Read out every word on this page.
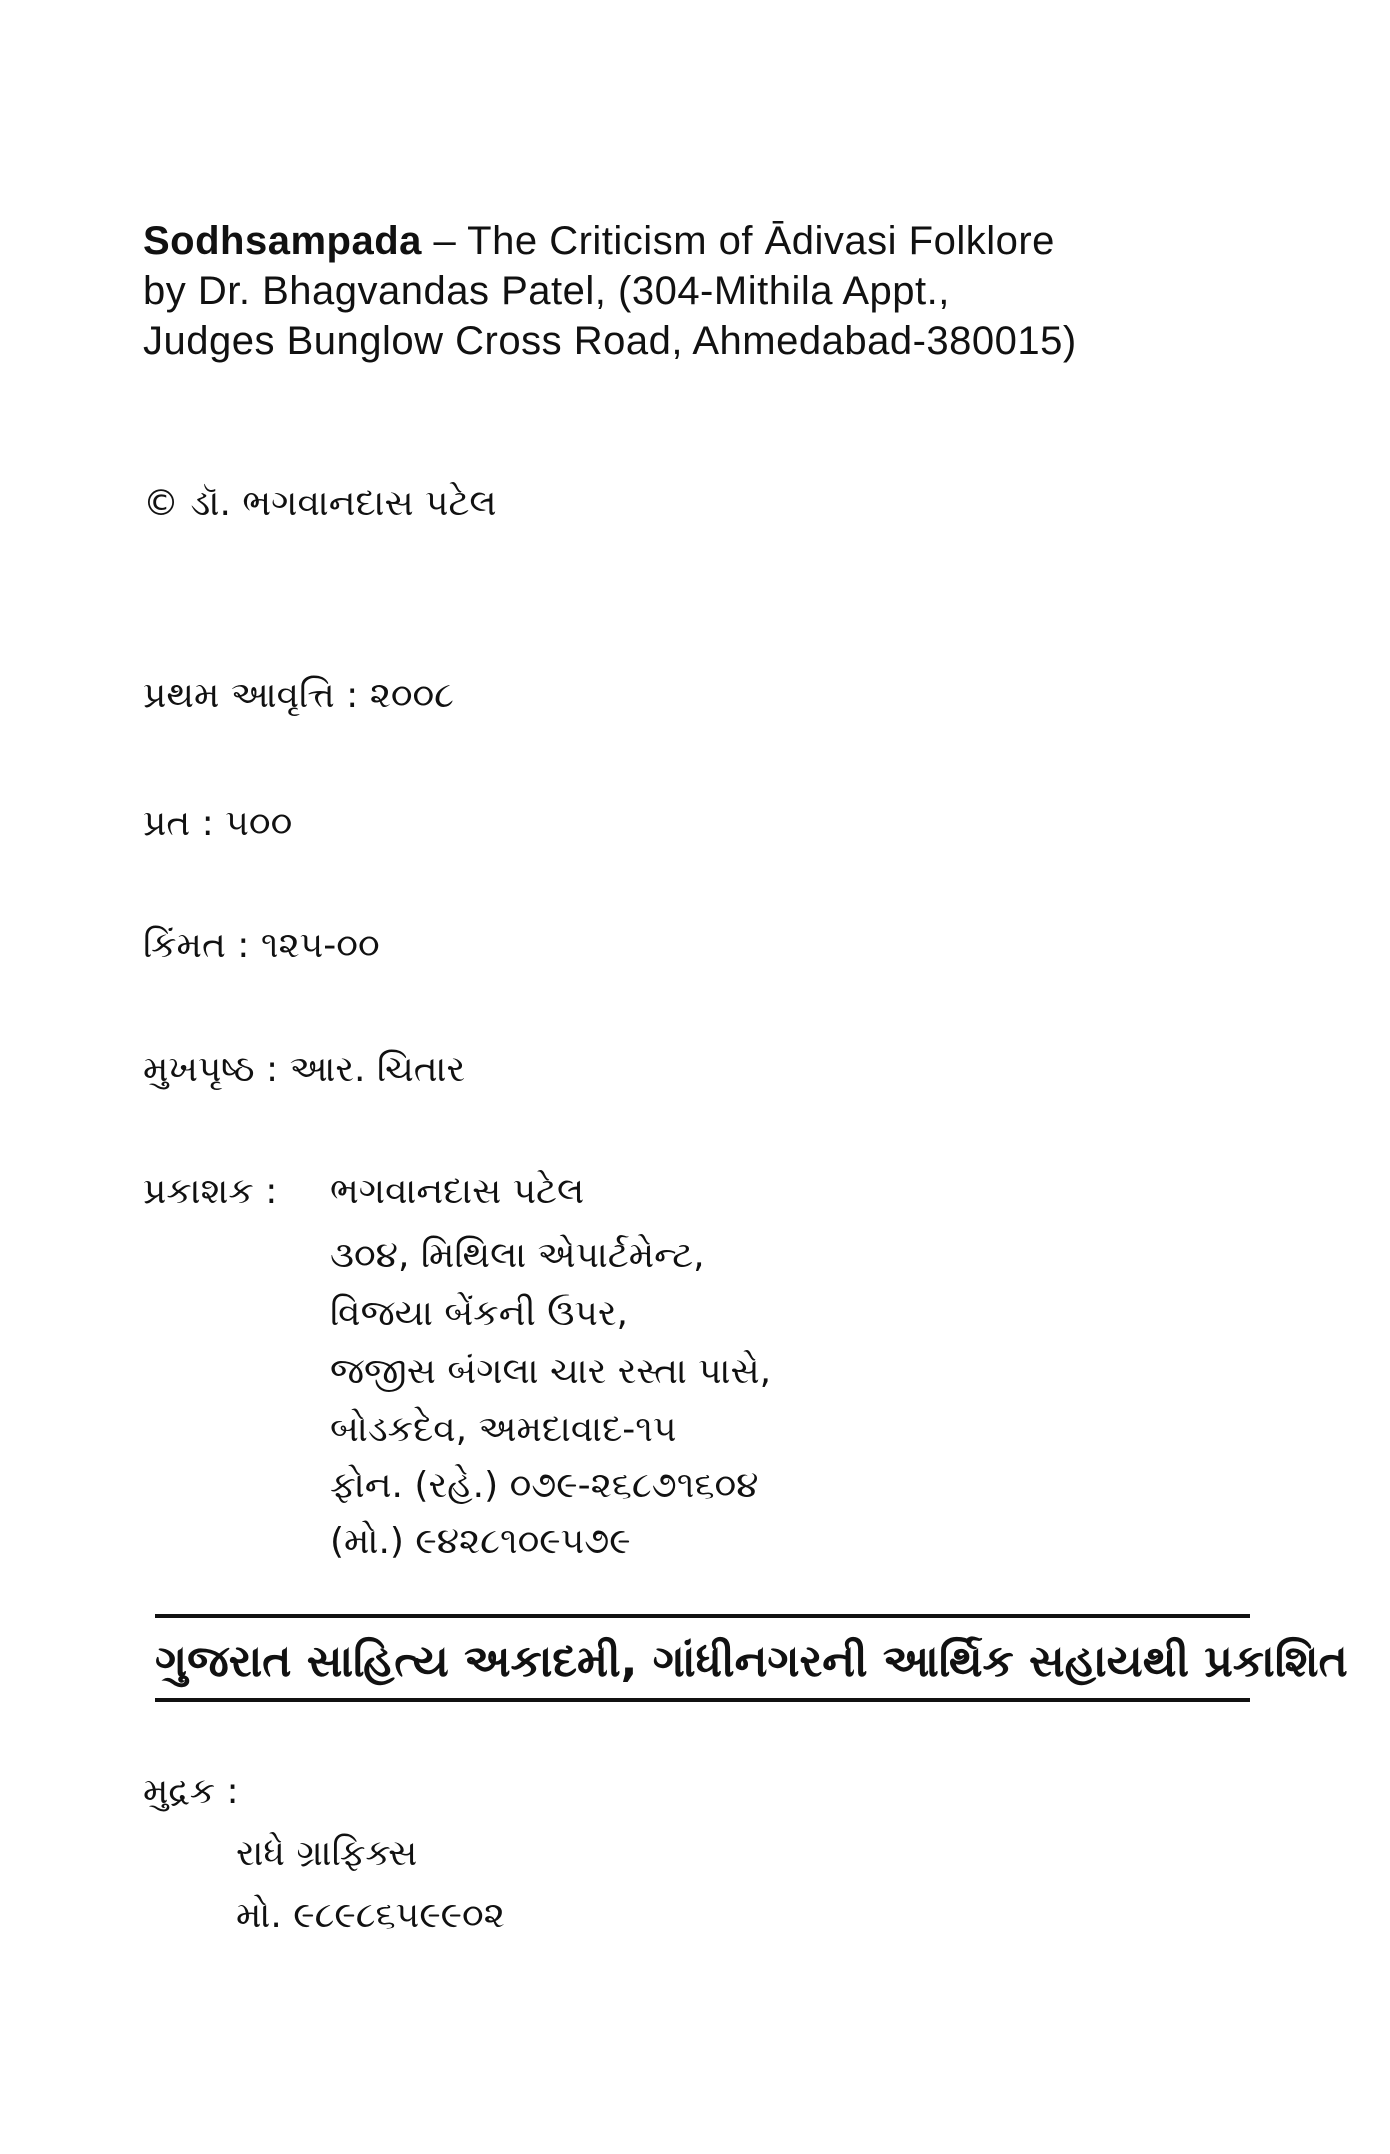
Sodhsampada – The Criticism of Ādivasi Folklore
by Dr. Bhagvandas Patel, (304-Mithila Appt.,
Judges Bunglow Cross Road, Ahmedabad-380015)
© ડૉ. ભગવાનદાસ પટેલ
પ્રથમ આવૃત્તિ : ૨૦૦૮
પ્રત : ૫૦૦
કિંમત : ૧૨૫-૦૦
મુખપૃષ્ઠ : આર. ચિતાર
પ્રકાશક : ભગવાનદાસ પટેલ
૩૦૪, મિથિલા એપાર્ટમેન્ટ,
વિજયા બેંકની ઉપર,
જજીસ બંગલા ચાર રસ્તા પાસે,
બોડકદેવ, અમદાવાદ-૧૫
ફોન. (રહે.) ૦૭૯-૨૬૮૭૧૬૦૪
(મો.) ૯૪૨૮૧૦૯૫૭૯
ગુજરાત સાહિત્ય અકાદમી, ગાંધીનગરની આર્થિક સહાયથી પ્રકાશિત
મુદ્રક :
રાધે ગ્રાફિક્સ
મો. ૯૮૯૮૬૫૯૯૦૨
